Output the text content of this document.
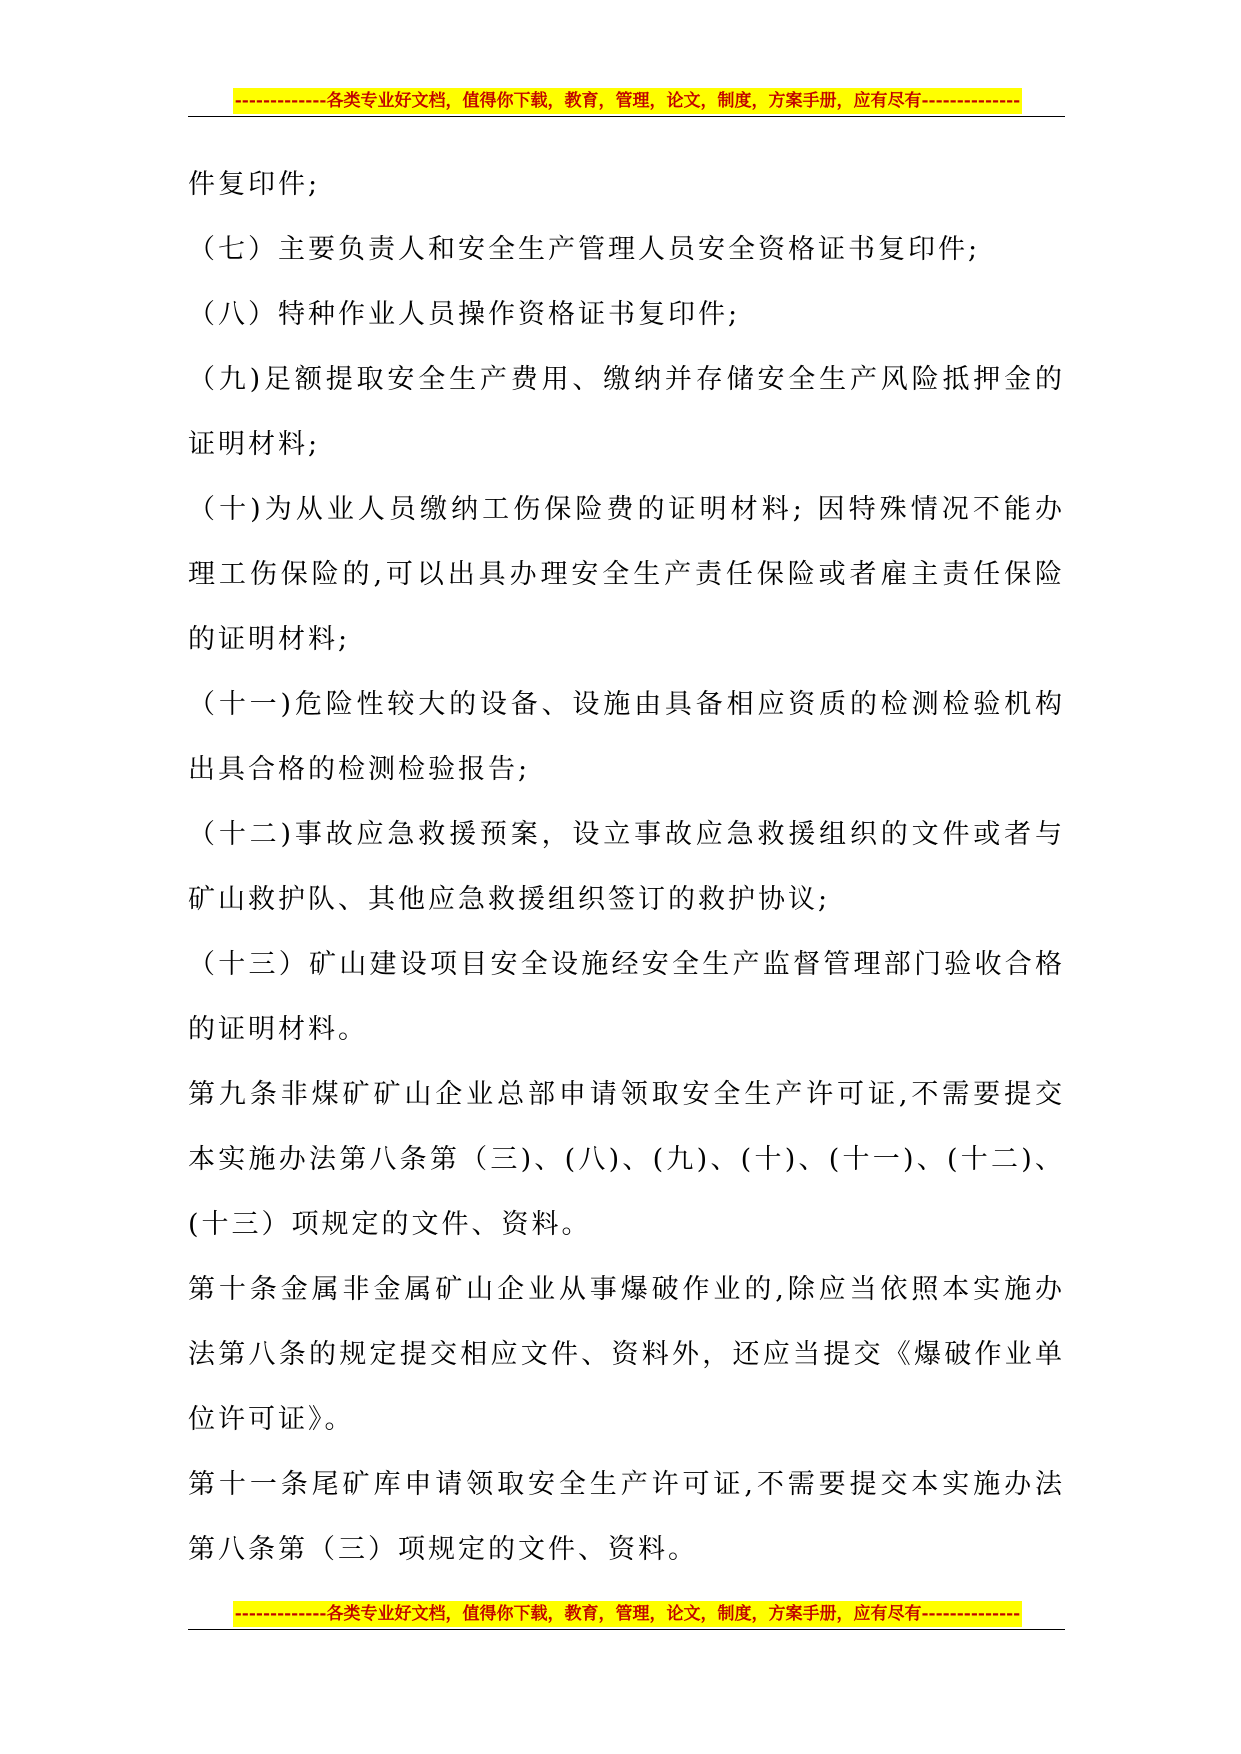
-------------各类专业好文档，值得你下载，教育，管理，论文，制度，方案手册，应有尽有--------------

件复印件;

（七）主要负责人和安全生产管理人员安全资格证书复印件;

（八）特种作业人员操作资格证书复印件;

（九)足额提取安全生产费用、缴纳并存储安全生产风险抵押金的证明材料;

（十)为从业人员缴纳工伤保险费的证明材料; 因特殊情况不能办理工伤保险的,可以出具办理安全生产责任保险或者雇主责任保险的证明材料;

（十一)危险性较大的设备、设施由具备相应资质的检测检验机构出具合格的检测检验报告;

（十二)事故应急救援预案，设立事故应急救援组织的文件或者与矿山救护队、其他应急救援组织签订的救护协议;

（十三）矿山建设项目安全设施经安全生产监督管理部门验收合格的证明材料。

第九条非煤矿矿山企业总部申请领取安全生产许可证,不需要提交本实施办法第八条第（三)、(八)、(九)、(十)、(十一)、(十二)、(十三）项规定的文件、资料。

第十条金属非金属矿山企业从事爆破作业的,除应当依照本实施办法第八条的规定提交相应文件、资料外，还应当提交《爆破作业单位许可证》。

第十一条尾矿库申请领取安全生产许可证,不需要提交本实施办法第八条第（三）项规定的文件、资料。

-------------各类专业好文档，值得你下载，教育，管理，论文，制度，方案手册，应有尽有--------------
